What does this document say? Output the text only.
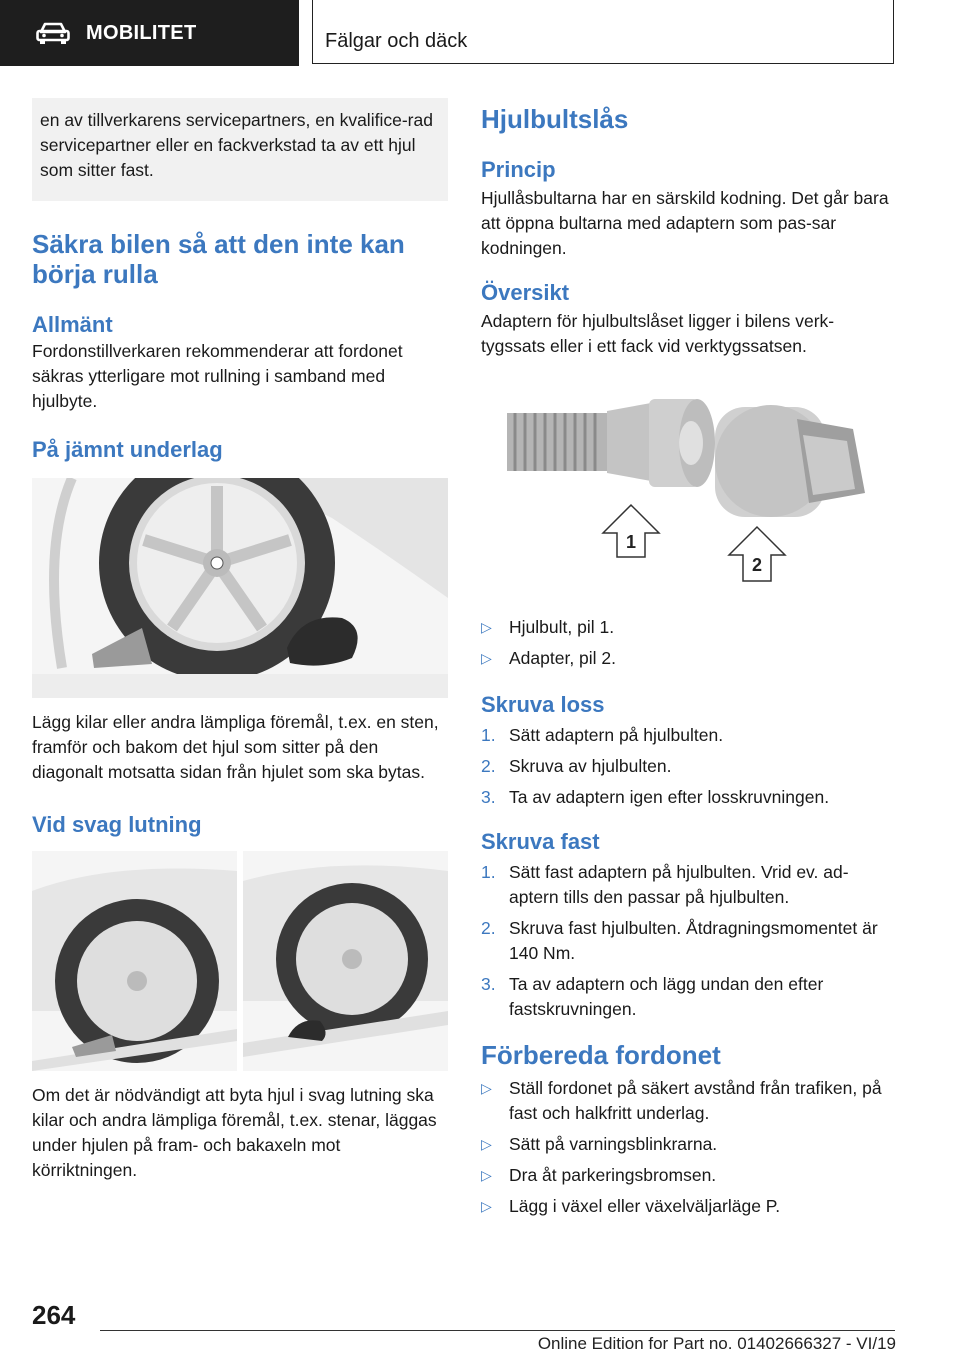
MOBILITET	Fälgar och däck
en av tillverkarens servicepartners, en kvalifice-rad servicepartner eller en fackverkstad ta av ett hjul som sitter fast.
Säkra bilen så att den inte kan börja rulla
Allmänt

Fordonstillverkaren rekommenderar att fordonet säkras ytterligare mot rullning i samband med hjulbyte.

På jämnt underlag

Lägg kilar eller andra lämpliga föremål, t.ex. en sten, framför och bakom det hjul som sitter på den diagonalt motsatta sidan från hjulet som ska bytas.

Vid svag lutning

Om det är nödvändigt att byta hjul i svag lutning ska kilar och andra lämpliga föremål, t.ex. stenar, läggas under hjulen på fram- och bakaxeln mot körriktningen.

Hjulbultslås
Princip

Hjullåsbultarna har en särskild kodning. Det går bara att öppna bultarna med adaptern som pas-sar kodningen.

Översikt

Adaptern för hjulbultslåset ligger i bilens verk-tygssats eller i ett fack vid verktygssatsen.

1
2
▷ Hjulbult, pil 1.
▷ Adapter, pil 2.
Skruva loss
1. Sätt adaptern på hjulbulten.
2. Skruva av hjulbulten.
3. Ta av adaptern igen efter losskruvningen.
Skruva fast
1. Sätt fast adaptern på hjulbulten. Vrid ev. ad-aptern tills den passar på hjulbulten.
2. Skruva fast hjulbulten. Åtdragningsmomentet är 140 Nm.
3. Ta av adaptern och lägg undan den efter fastskruvningen.
Förbereda fordonet
▷ Ställ fordonet på säkert avstånd från trafiken, på fast och halkfritt underlag.
▷ Sätt på varningsblinkrarna.
▷ Dra åt parkeringsbromsen.
▷ Lägg i växel eller växelväljarläge P.
264
Online Edition for Part no. 01402666327 - VI/19
